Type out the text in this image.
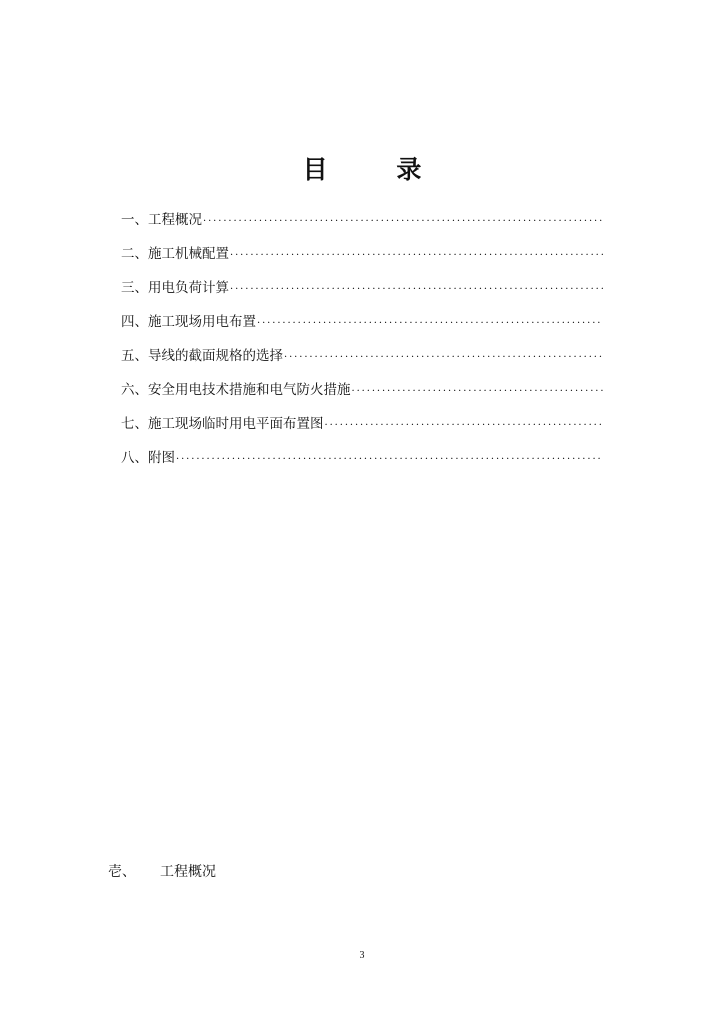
目 录
一、工程概况
·····
二、施工机械配置
·····
三、用电负荷计算
·····
四、施工现场用电布置
·····
五、导线的截面规格的选择
·····
六、安全用电技术措施和电气防火措施
·····
七、施工现场临时用电平面布置图
·····
八、附图
·····
壱、	工程概况
3
